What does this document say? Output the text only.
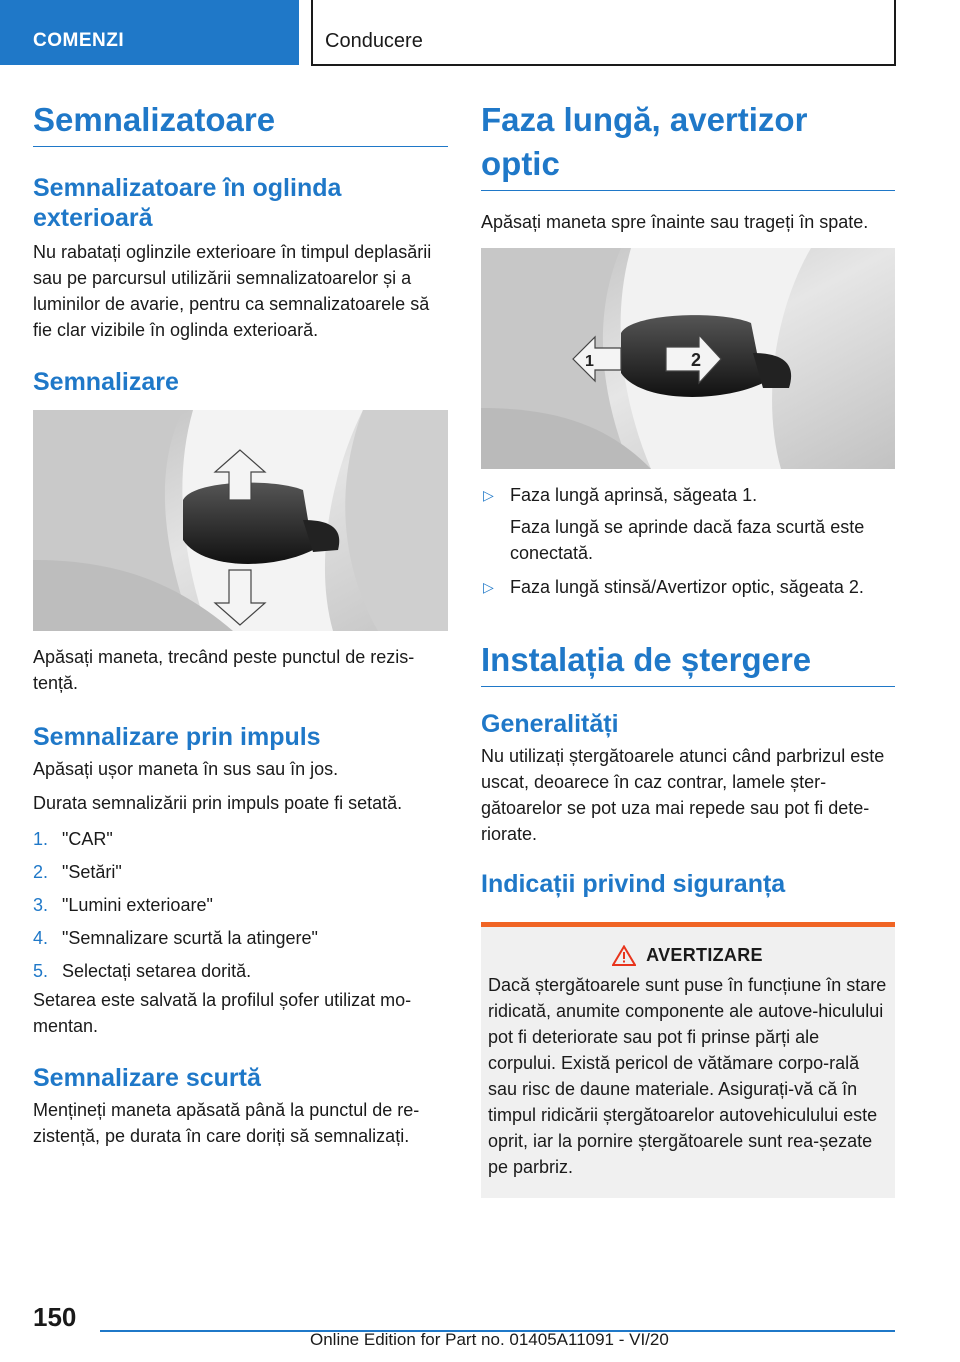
COMENZI	Conducere
Semnalizatoare
Semnalizatoare în oglinda exterioară

Nu rabatați oglinzile exterioare în timpul deplasării sau pe parcursul utilizării semnalizatoarelor și a luminilor de avarie, pentru ca semnalizatoarele să fie clar vizibile în oglinda exterioară.

Semnalizare

Apăsați maneta, trecând peste punctul de rezis-tență.

Semnalizare prin impuls

Apăsați ușor maneta în sus sau în jos.

Durata semnalizării prin impuls poate fi setată.

1. "CAR"
2. "Setări"
3. "Lumini exterioare"
4. "Semnalizare scurtă la atingere"
5. Selectați setarea dorită.

Setarea este salvată la profilul șofer utilizat mo-mentan.

Semnalizare scurtă

Mențineți maneta apăsată până la punctul de re-zistență, pe durata în care doriți să semnalizați.

Faza lungă, avertizor optic

Apăsați maneta spre înainte sau trageți în spate.

1	2
▷ Faza lungă aprinsă, săgeata 1.

Faza lungă se aprinde dacă faza scurtă este conectată.

▷ Faza lungă stinsă/Avertizor optic, săgeata 2.
Instalația de ștergere
Generalități

Nu utilizați ștergătoarele atunci când parbrizul este uscat, deoarece în caz contrar, lamele șter-gătoarelor se pot uza mai repede sau pot fi dete-riorate.

Indicații privind siguranța
AVERTIZARE

Dacă ștergătoarele sunt puse în funcțiune în stare ridicată, anumite componente ale autove-hiculului pot fi deteriorate sau pot fi prinse părți ale corpului. Există pericol de vătămare corpo-rală sau risc de daune materiale. Asigurați-vă că în timpul ridicării ștergătoarelor autovehiculului este oprit, iar la pornire ștergătoarele sunt rea-șezate pe parbriz.

150
Online Edition for Part no. 01405A11091 - VI/20
